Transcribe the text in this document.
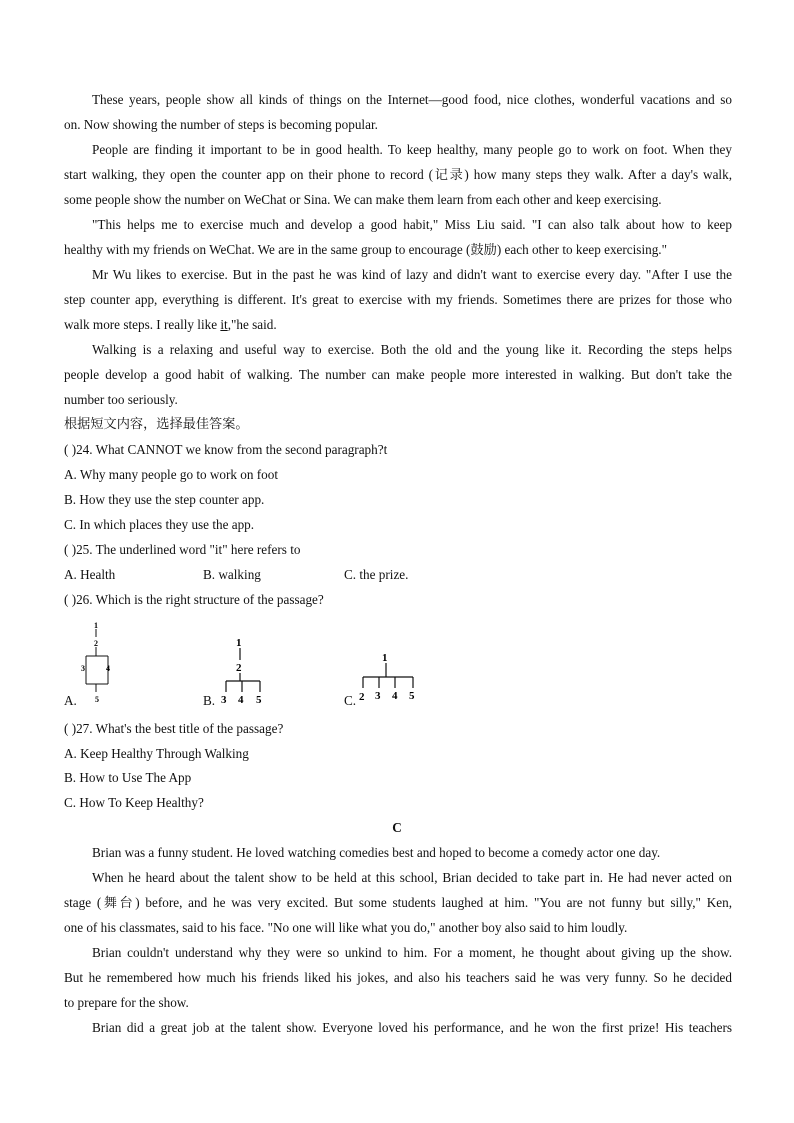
These years, people show all kinds of things on the Internet—good food, nice clothes, wonderful vacations and so
on. Now showing the number of steps is becoming popular.
People are finding it important to be in good health. To keep healthy, many people go to work on foot. When they
start walking, they open the counter app on their phone to record (记录) how many steps they walk. After a day's walk,
some people show the number on WeChat or Sina. We can make them learn from each other and keep exercising.
"This helps me to exercise much and develop a good habit," Miss Liu said. "I can also talk about how to keep
healthy with my friends on WeChat. We are in the same group to encourage (鼓励) each other to keep exercising."
Mr Wu likes to exercise. But in the past he was kind of lazy and didn't want to exercise every day. "After I use the
step counter app, everything is different. It's great to exercise with my friends. Sometimes there are prizes for those who
walk more steps. I really like it,"he said.
Walking is a relaxing and useful way to exercise. Both the old and the young like it. Recording the steps helps
people develop a good habit of walking. The number can make people more interested in walking. But don't take the
number too seriously.
根据短文内容，选择最佳答案。
( )24. What CANNOT we know from the second paragraph?t
A. Why many people go to work on foot
B. How they use the step counter app.
C. In which places they use the app.
( )25. The underlined word "it" here refers to
A. Health	B. walking	C. the prize.
( )26. Which is the right structure of the passage?
A.	B.	C.
1
2
3	4
5
1
2
3 4 5
1
2 3 4 5
( )27. What's the best title of the passage?
A. Keep Healthy Through Walking
B. How to Use The App
C. How To Keep Healthy?
C
Brian was a funny student. He loved watching comedies best and hoped to become a comedy actor one day.
When he heard about the talent show to be held at this school, Brian decided to take part in. He had never acted on
stage (舞台) before, and he was very excited. But some students laughed at him. "You are not funny but silly," Ken,
one of his classmates, said to his face. "No one will like what you do," another boy also said to him loudly.
Brian couldn't understand why they were so unkind to him. For a moment, he thought about giving up the show.
But he remembered how much his friends liked his jokes, and also his teachers said he was very funny. So he decided
to prepare for the show.
Brian did a great job at the talent show. Everyone loved his performance, and he won the first prize! His teachers
